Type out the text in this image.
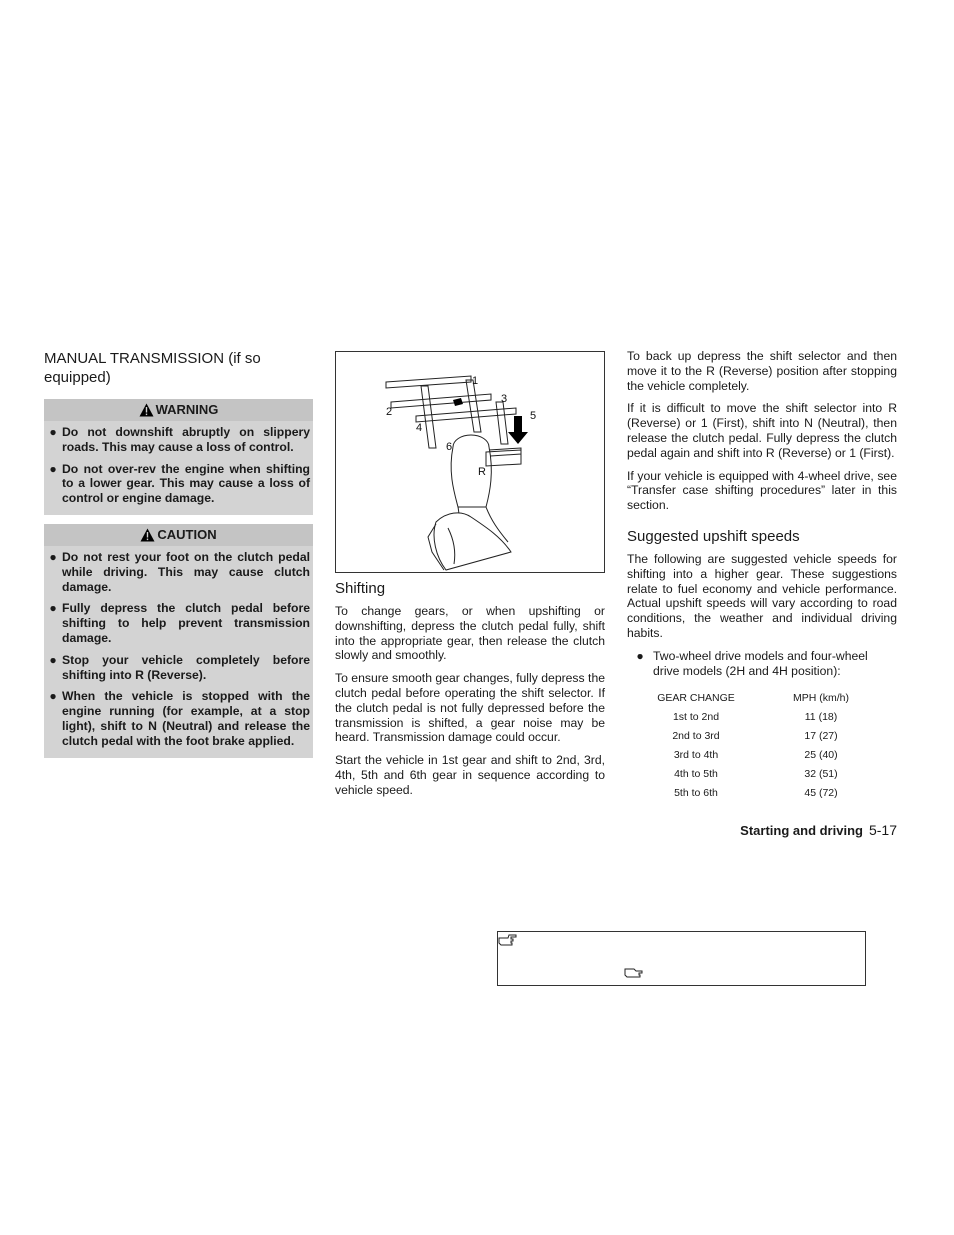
MANUAL TRANSMISSION (if so equipped)
WARNING
● Do not downshift abruptly on slippery roads. This may cause a loss of control.
● Do not over-rev the engine when shifting to a lower gear. This may cause a loss of control or engine damage.
CAUTION
● Do not rest your foot on the clutch pedal while driving. This may cause clutch damage.
● Fully depress the clutch pedal before shifting to help prevent transmission damage.
● Stop your vehicle completely before shifting into R (Reverse).
● When the vehicle is stopped with the engine running (for example, at a stop light), shift to N (Neutral) and release the clutch pedal with the foot brake applied.
1
2
3
4
5
6
R
Shifting

To change gears, or when upshifting or downshifting, depress the clutch pedal fully, shift into the appropriate gear, then release the clutch slowly and smoothly.

To ensure smooth gear changes, fully depress the clutch pedal before operating the shift selector. If the clutch pedal is not fully depressed before the transmission is shifted, a gear noise may be heard. Transmission damage could occur.

Start the vehicle in 1st gear and shift to 2nd, 3rd, 4th, 5th and 6th gear in sequence according to vehicle speed.

To back up depress the shift selector and then move it to the R (Reverse) position after stopping the vehicle completely.

If it is difficult to move the shift selector into R (Reverse) or 1 (First), shift into N (Neutral), then release the clutch pedal. Fully depress the clutch pedal again and shift into R (Reverse) or 1 (First).

If your vehicle is equipped with 4-wheel drive, see “Transfer case shifting procedures” later in this section.

Suggested upshift speeds

The following are suggested vehicle speeds for shifting into a higher gear. These suggestions relate to fuel economy and vehicle performance. Actual upshift speeds will vary according to road conditions, the weather and individual driving habits.

● Two-wheel drive models and four-wheel drive models (2H and 4H position):
GEAR CHANGE	MPH (km/h)
1st to 2nd	11 (18)
2nd to 3rd	17 (27)
3rd to 4th	25 (40)
4th to 5th	32 (51)
5th to 6th	45 (72)
Starting and driving 5-17
